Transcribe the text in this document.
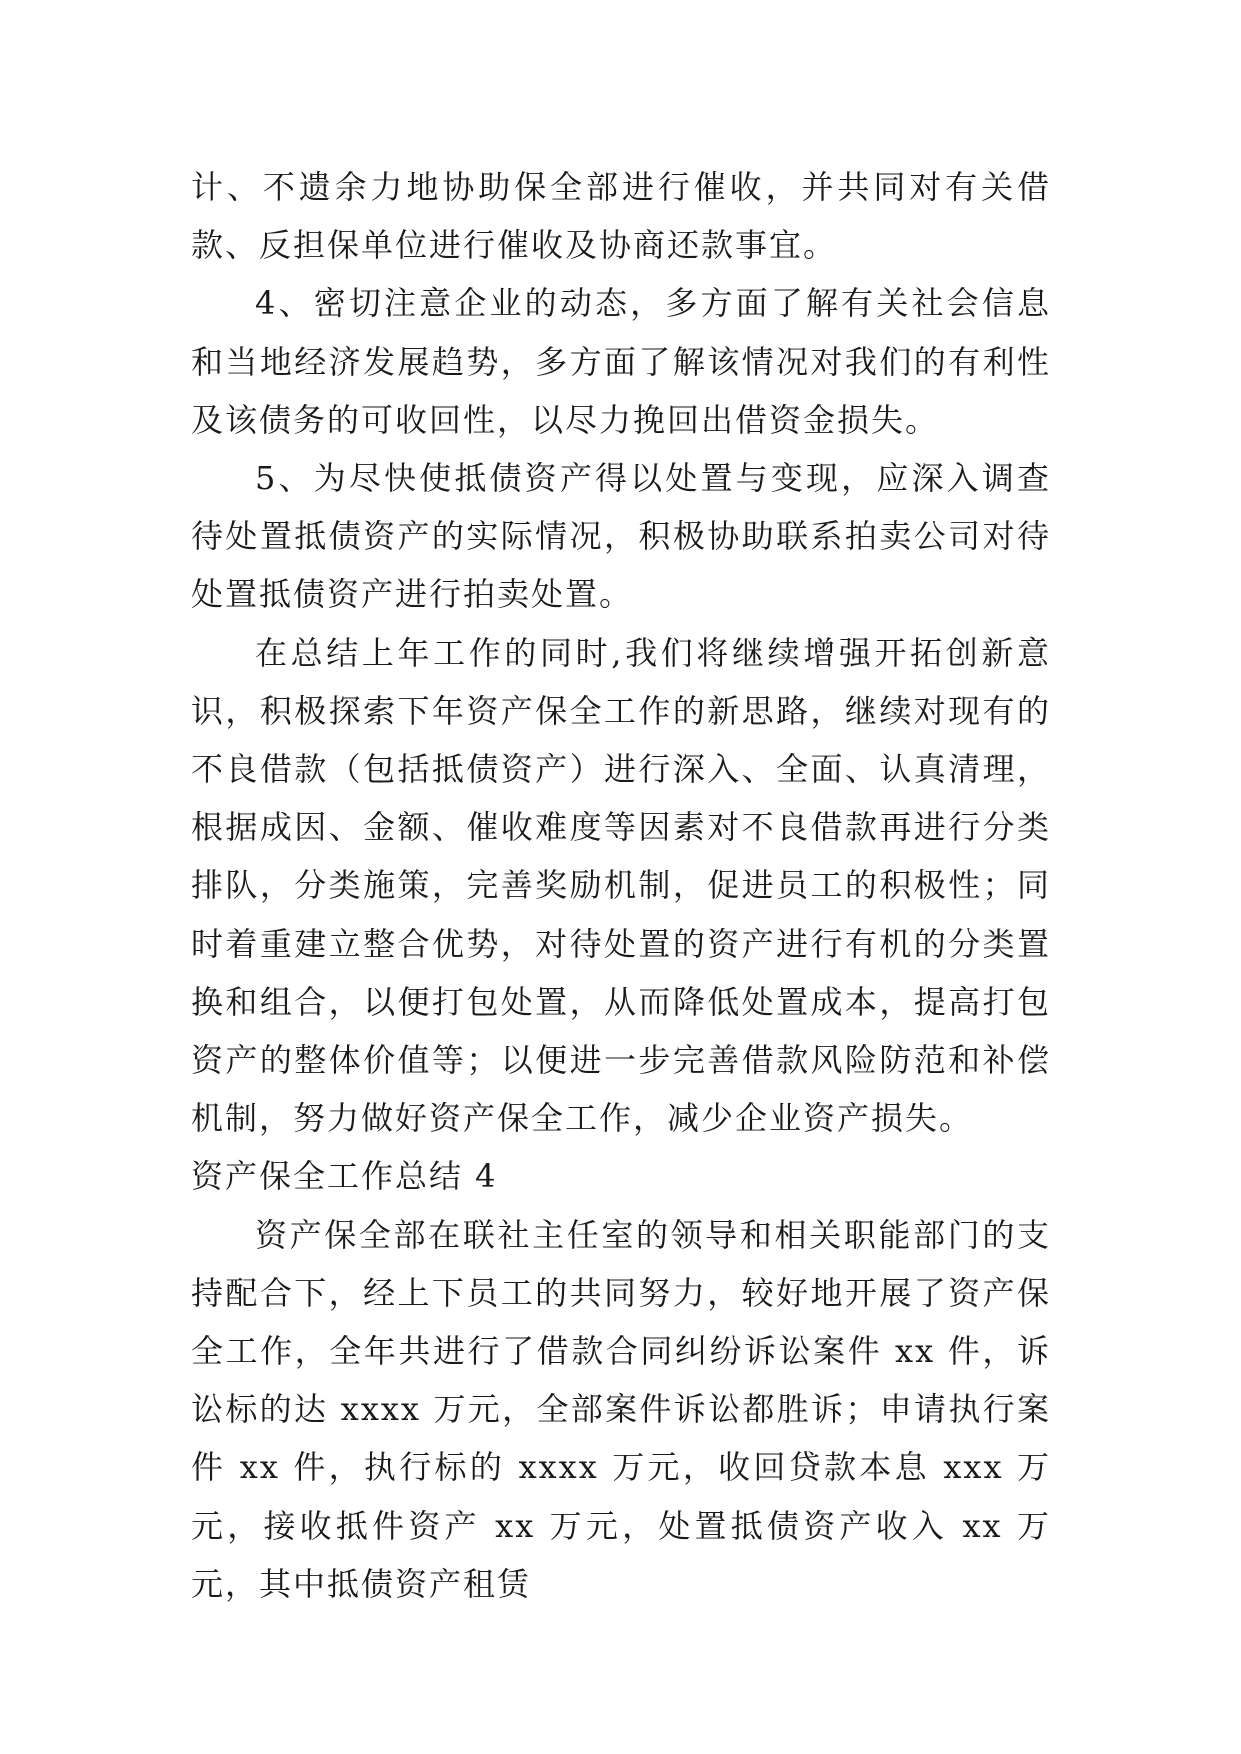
计、不遗余力地协助保全部进行催收，并共同对有关借款、反担保单位进行催收及协商还款事宜。

4、密切注意企业的动态，多方面了解有关社会信息和当地经济发展趋势，多方面了解该情况对我们的有利性及该债务的可收回性，以尽力挽回出借资金损失。

5、为尽快使抵债资产得以处置与变现，应深入调查待处置抵债资产的实际情况，积极协助联系拍卖公司对待处置抵债资产进行拍卖处置。

在总结上年工作的同时,我们将继续增强开拓创新意识，积极探索下年资产保全工作的新思路，继续对现有的不良借款（包括抵债资产）进行深入、全面、认真清理，根据成因、金额、催收难度等因素对不良借款再进行分类排队，分类施策，完善奖励机制，促进员工的积极性；同时着重建立整合优势，对待处置的资产进行有机的分类置换和组合，以便打包处置，从而降低处置成本，提高打包资产的整体价值等；以便进一步完善借款风险防范和补偿机制，努力做好资产保全工作，减少企业资产损失。

资产保全工作总结 4

资产保全部在联社主任室的领导和相关职能部门的支持配合下，经上下员工的共同努力，较好地开展了资产保全工作，全年共进行了借款合同纠纷诉讼案件 xx 件，诉讼标的达 xxxx 万元，全部案件诉讼都胜诉；申请执行案件 xx 件，执行标的 xxxx 万元，收回贷款本息 xxx 万元，接收抵件资产 xx 万元，处置抵债资产收入 xx 万元，其中抵债资产租赁
